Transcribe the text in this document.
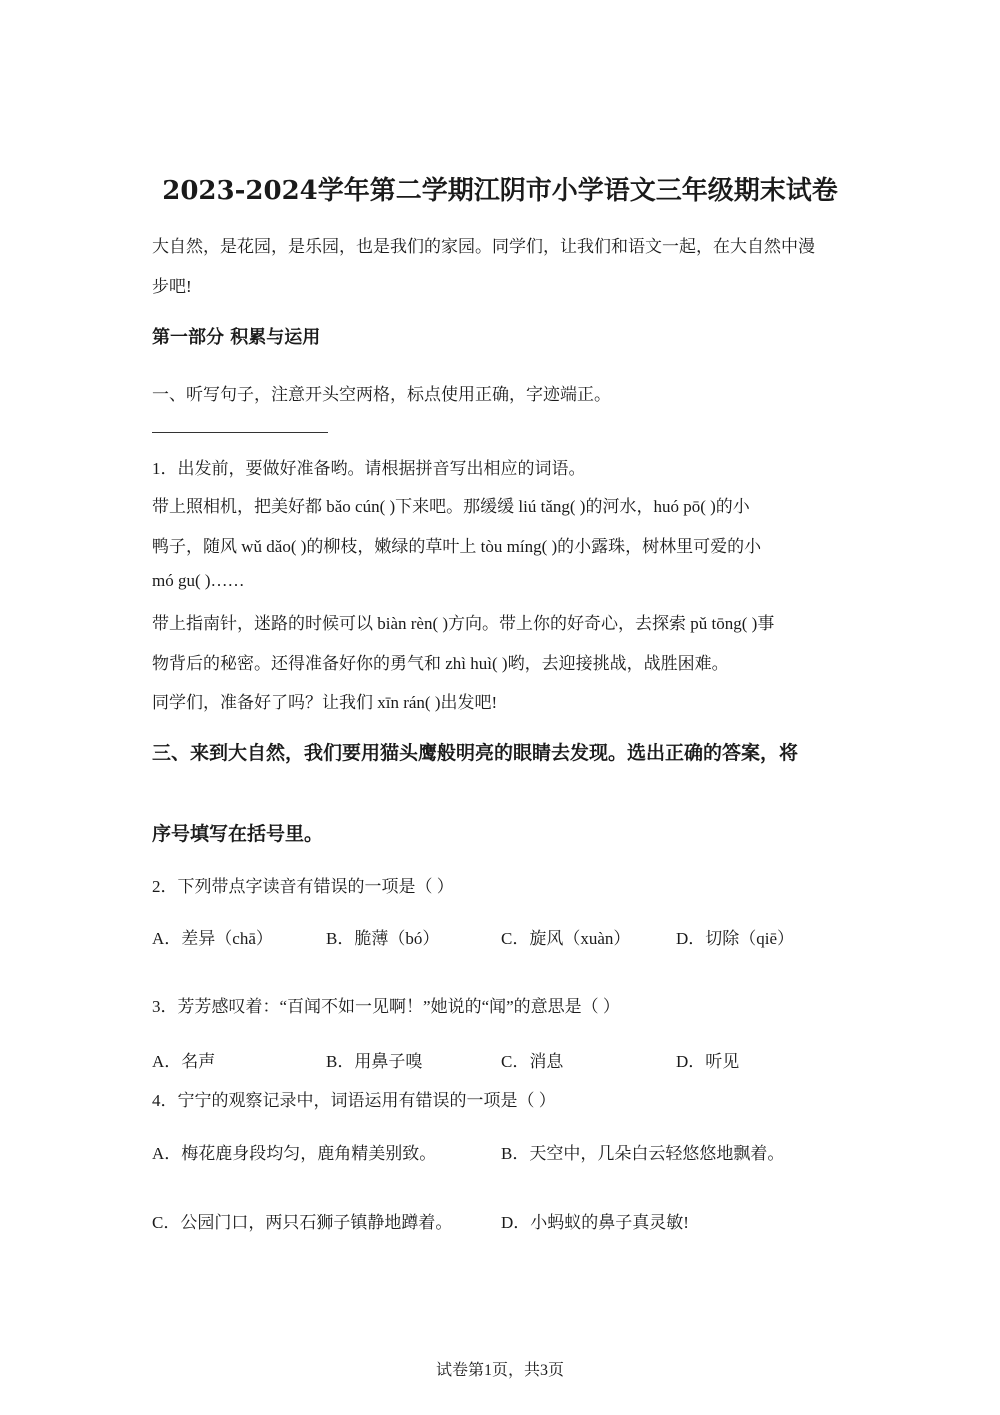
2023-2024学年第二学期江阴市小学语文三年级期末试卷
大自然，是花园，是乐园，也是我们的家园。同学们，让我们和语文一起，在大自然中漫
步吧!
第一部分 积累与运用
一、听写句子，注意开头空两格，标点使用正确，字迹端正。
1．出发前，要做好准备哟。请根据拼音写出相应的词语。
带上照相机，把美好都 bǎo cún( )下来吧。那缓缓 liú tǎng( )的河水，huó pō( )的小
鸭子，随风 wǔ dǎo( )的柳枝，嫩绿的草叶上 tòu míng( )的小露珠，树林里可爱的小
mó gu( )……
带上指南针，迷路的时候可以 biàn rèn( )方向。带上你的好奇心，去探索 pǔ tōng( )事
物背后的秘密。还得准备好你的勇气和 zhì huì( )哟，去迎接挑战，战胜困难。
同学们，准备好了吗？让我们 xīn rán( )出发吧!
三、来到大自然，我们要用猫头鹰般明亮的眼睛去发现。选出正确的答案，将
序号填写在括号里。
2．下列带点字读音有错误的一项是（ ）
A．差异（chā）	B．脆薄（bó）	C．旋风（xuàn）	D．切除（qiē）
3．芳芳感叹着：“百闻不如一见啊！”她说的“闻”的意思是（ ）
A．名声	B．用鼻子嗅	C．消息	D．听见
4．宁宁的观察记录中，词语运用有错误的一项是（ ）
A．梅花鹿身段均匀，鹿角精美别致。	B．天空中，几朵白云轻悠悠地飘着。
C．公园门口，两只石狮子镇静地蹲着。	D．小蚂蚁的鼻子真灵敏!
试卷第1页，共3页
